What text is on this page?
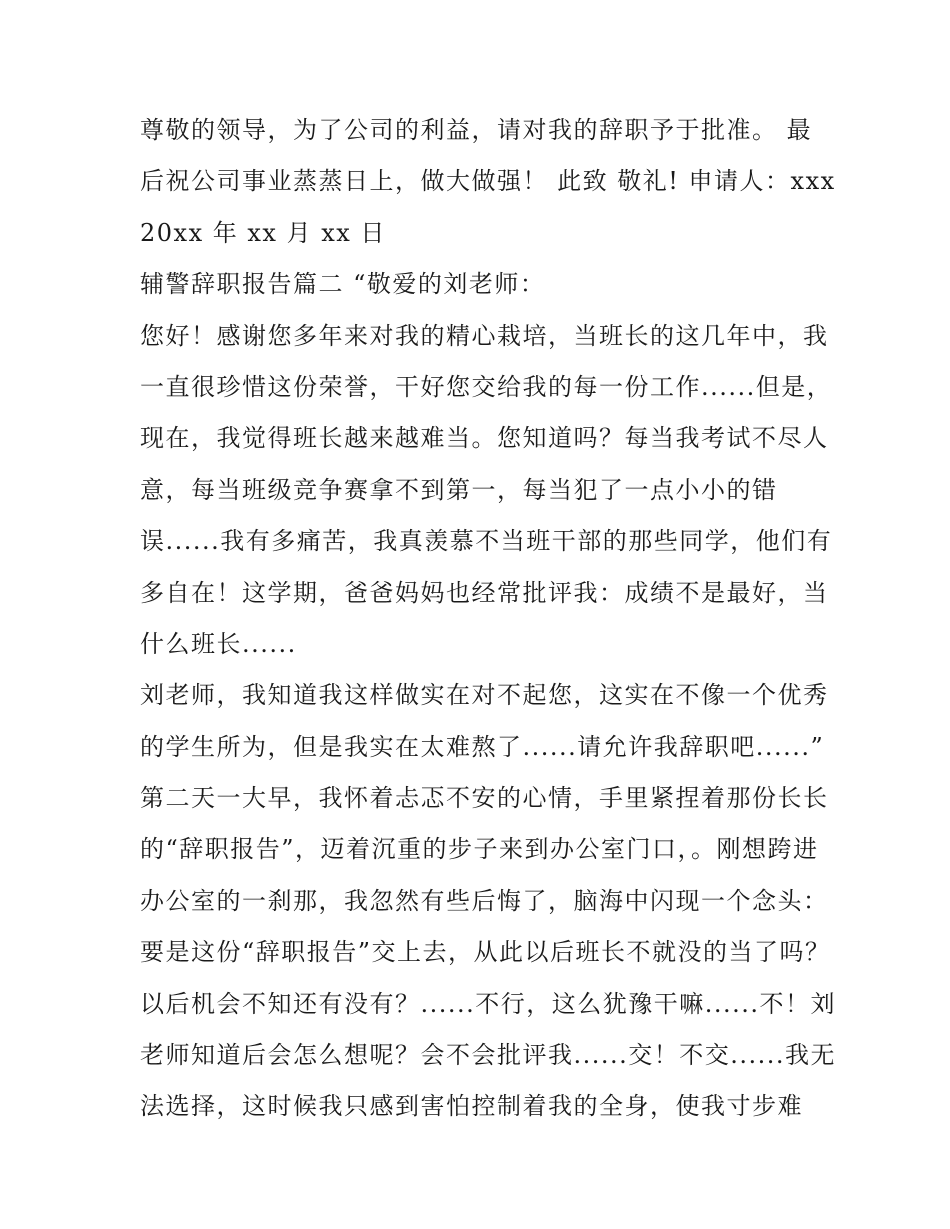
尊敬的领导，为了公司的利益，请对我的辞职予于批准。 最
后祝公司事业蒸蒸日上，做大做强！ 此致 敬礼! 申请人：xxx
20xx 年 xx 月 xx 日
辅警辞职报告篇二 “敬爱的刘老师：
您好！感谢您多年来对我的精心栽培，当班长的这几年中，我
一直很珍惜这份荣誉，干好您交给我的每一份工作......但是，
现在，我觉得班长越来越难当。您知道吗？每当我考试不尽人
意，每当班级竞争赛拿不到第一，每当犯了一点小小的错
误......我有多痛苦，我真羡慕不当班干部的那些同学，他们有
多自在！这学期，爸爸妈妈也经常批评我：成绩不是最好，当
什么班长......
刘老师，我知道我这样做实在对不起您，这实在不像一个优秀
的学生所为，但是我实在太难熬了......请允许我辞职吧......”
第二天一大早，我怀着忐忑不安的心情，手里紧捏着那份长长
的“辞职报告”，迈着沉重的步子来到办公室门口，。刚想跨进
办公室的一刹那，我忽然有些后悔了，脑海中闪现一个念头：
要是这份“辞职报告”交上去，从此以后班长不就没的当了吗？
以后机会不知还有没有？......不行，这么犹豫干嘛......不！刘
老师知道后会怎么想呢？会不会批评我......交！不交......我无
法选择，这时候我只感到害怕控制着我的全身，使我寸步难
